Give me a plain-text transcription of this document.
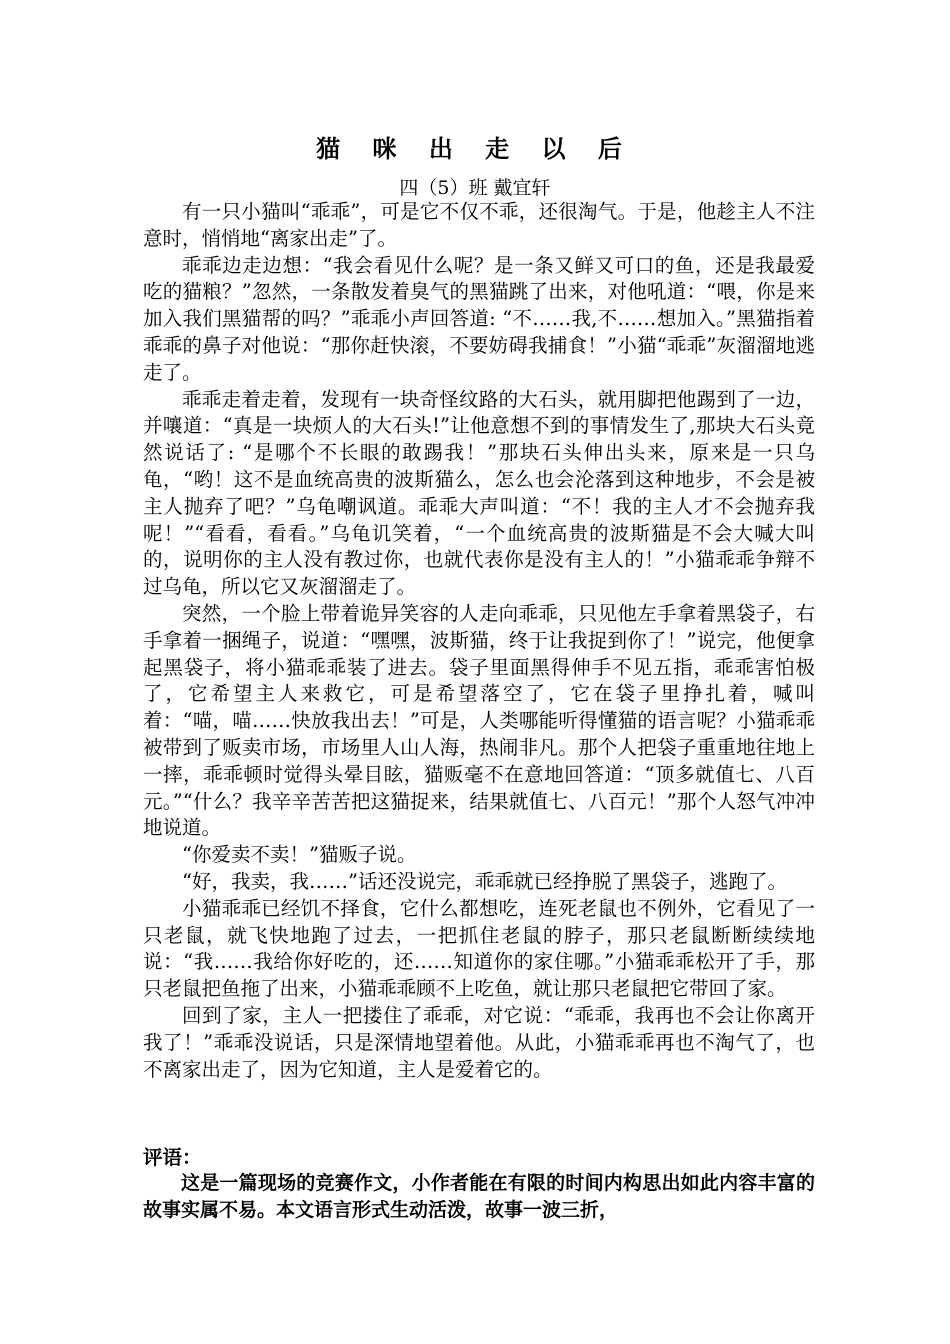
猫 咪 出 走 以 后
四（5）班 戴宜轩

有一只小猫叫“乖乖”，可是它不仅不乖，还很淘气。于是，他趁主人不注意时，悄悄地“离家出走”了。

乖乖边走边想：“我会看见什么呢？是一条又鲜又可口的鱼，还是我最爱吃的猫粮？”忽然，一条散发着臭气的黑猫跳了出来，对他吼道：“喂，你是来加入我们黑猫帮的吗？”乖乖小声回答道: “不……我,不……想加入。”黑猫指着乖乖的鼻子对他说：“那你赶快滚，不要妨碍我捕食！”小猫“乖乖”灰溜溜地逃走了。

乖乖走着走着，发现有一块奇怪纹路的大石头，就用脚把他踢到了一边，并嚷道：“真是一块烦人的大石头!”让他意想不到的事情发生了,那块大石头竟然说话了: “是哪个不长眼的敢踢我！”那块石头伸出头来，原来是一只乌龟，“哟！这不是血统高贵的波斯猫么，怎么也会沦落到这种地步，不会是被主人抛弃了吧？”乌龟嘲讽道。乖乖大声叫道：“不！我的主人才不会抛弃我呢！”“看看，看看。”乌龟讥笑着，“一个血统高贵的波斯猫是不会大喊大叫的，说明你的主人没有教过你，也就代表你是没有主人的！”小猫乖乖争辩不过乌龟，所以它又灰溜溜走了。

突然，一个脸上带着诡异笑容的人走向乖乖，只见他左手拿着黑袋子，右手拿着一捆绳子，说道：“嘿嘿，波斯猫，终于让我捉到你了！”说完，他便拿起黑袋子，将小猫乖乖装了进去。袋子里面黑得伸手不见五指，乖乖害怕极了，它希望主人来救它，可是希望落空了，它在袋子里挣扎着，喊叫着：“喵，喵……快放我出去！”可是，人类哪能听得懂猫的语言呢？小猫乖乖被带到了贩卖市场，市场里人山人海，热闹非凡。那个人把袋子重重地往地上一摔，乖乖顿时觉得头晕目眩，猫贩毫不在意地回答道：“顶多就值七、八百元。”“什么？我辛辛苦苦把这猫捉来，结果就值七、八百元！”那个人怒气冲冲地说道。

“你爱卖不卖！”猫贩子说。

“好，我卖，我……”话还没说完，乖乖就已经挣脱了黑袋子，逃跑了。

小猫乖乖已经饥不择食，它什么都想吃，连死老鼠也不例外，它看见了一只老鼠，就飞快地跑了过去，一把抓住老鼠的脖子，那只老鼠断断续续地说：“我……我给你好吃的，还……知道你的家住哪。”小猫乖乖松开了手，那只老鼠把鱼拖了出来，小猫乖乖顾不上吃鱼，就让那只老鼠把它带回了家。

回到了家，主人一把搂住了乖乖，对它说：“乖乖，我再也不会让你离开我了！”乖乖没说话，只是深情地望着他。从此，小猫乖乖再也不淘气了，也不离家出走了，因为它知道，主人是爱着它的。

评语：

这是一篇现场的竞赛作文，小作者能在有限的时间内构思出如此内容丰富的故事实属不易。本文语言形式生动活泼，故事一波三折，
